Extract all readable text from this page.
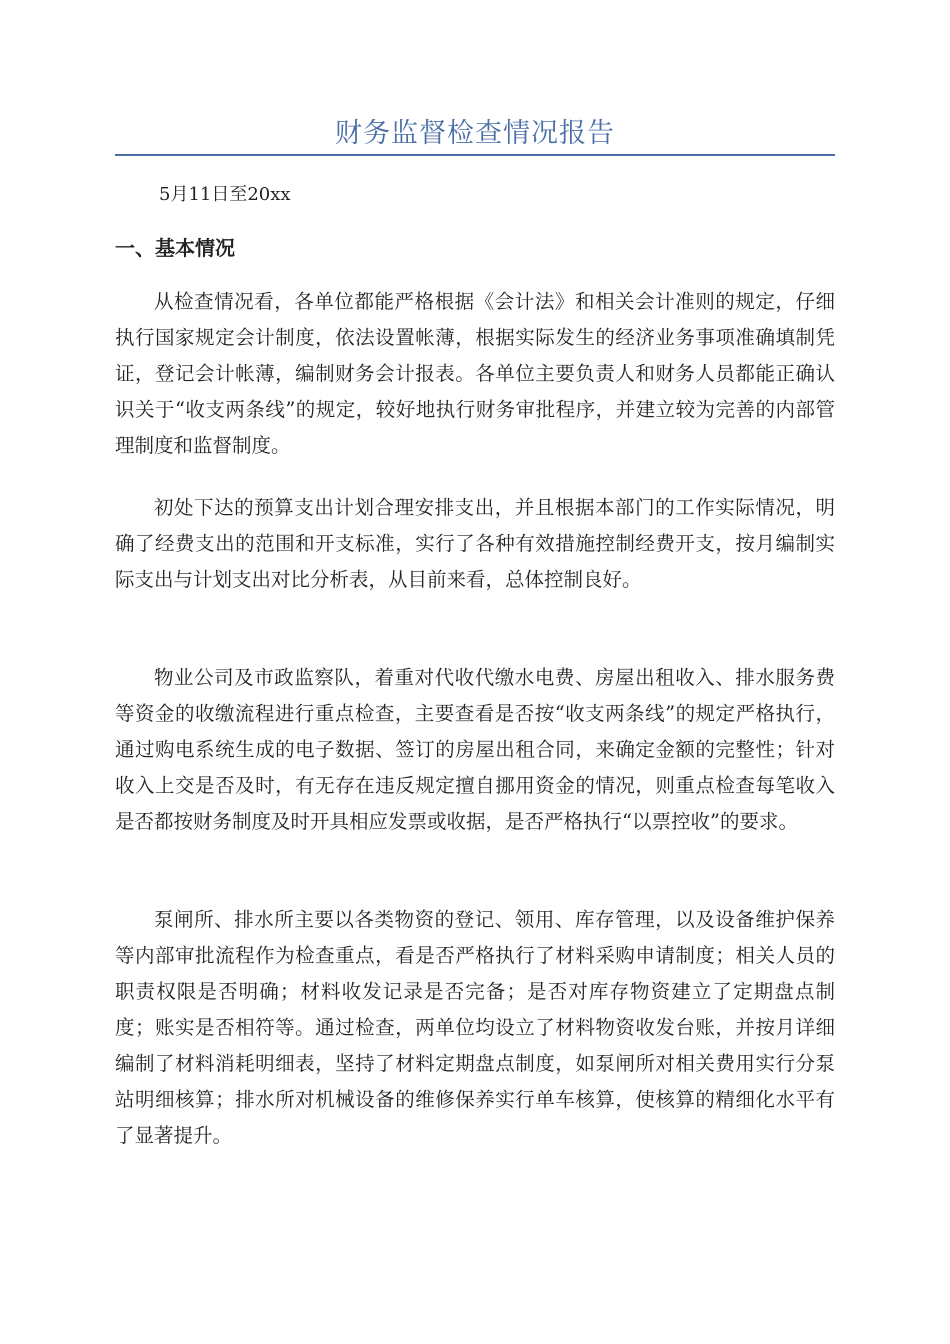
财务监督检查情况报告
5月11日至20xx
一、基本情况

从检查情况看，各单位都能严格根据《会计法》和相关会计准则的规定，仔细执行国家规定会计制度，依法设置帐薄，根据实际发生的经济业务事项准确填制凭证，登记会计帐薄，编制财务会计报表。各单位主要负责人和财务人员都能正确认识关于“收支两条线”的规定，较好地执行财务审批程序，并建立较为完善的内部管理制度和监督制度。

初处下达的预算支出计划合理安排支出，并且根据本部门的工作实际情况，明确了经费支出的范围和开支标准，实行了各种有效措施控制经费开支，按月编制实际支出与计划支出对比分析表，从目前来看，总体控制良好。

物业公司及市政监察队，着重对代收代缴水电费、房屋出租收入、排水服务费等资金的收缴流程进行重点检查，主要查看是否按“收支两条线”的规定严格执行，通过购电系统生成的电子数据、签订的房屋出租合同，来确定金额的完整性；针对收入上交是否及时，有无存在违反规定擅自挪用资金的情况，则重点检查每笔收入是否都按财务制度及时开具相应发票或收据，是否严格执行“以票控收”的要求。

泵闸所、排水所主要以各类物资的登记、领用、库存管理，以及设备维护保养等内部审批流程作为检查重点，看是否严格执行了材料采购申请制度；相关人员的职责权限是否明确；材料收发记录是否完备；是否对库存物资建立了定期盘点制度；账实是否相符等。通过检查，两单位均设立了材料物资收发台账，并按月详细编制了材料消耗明细表，坚持了材料定期盘点制度，如泵闸所对相关费用实行分泵站明细核算；排水所对机械设备的维修保养实行单车核算，使核算的精细化水平有了显著提升。
